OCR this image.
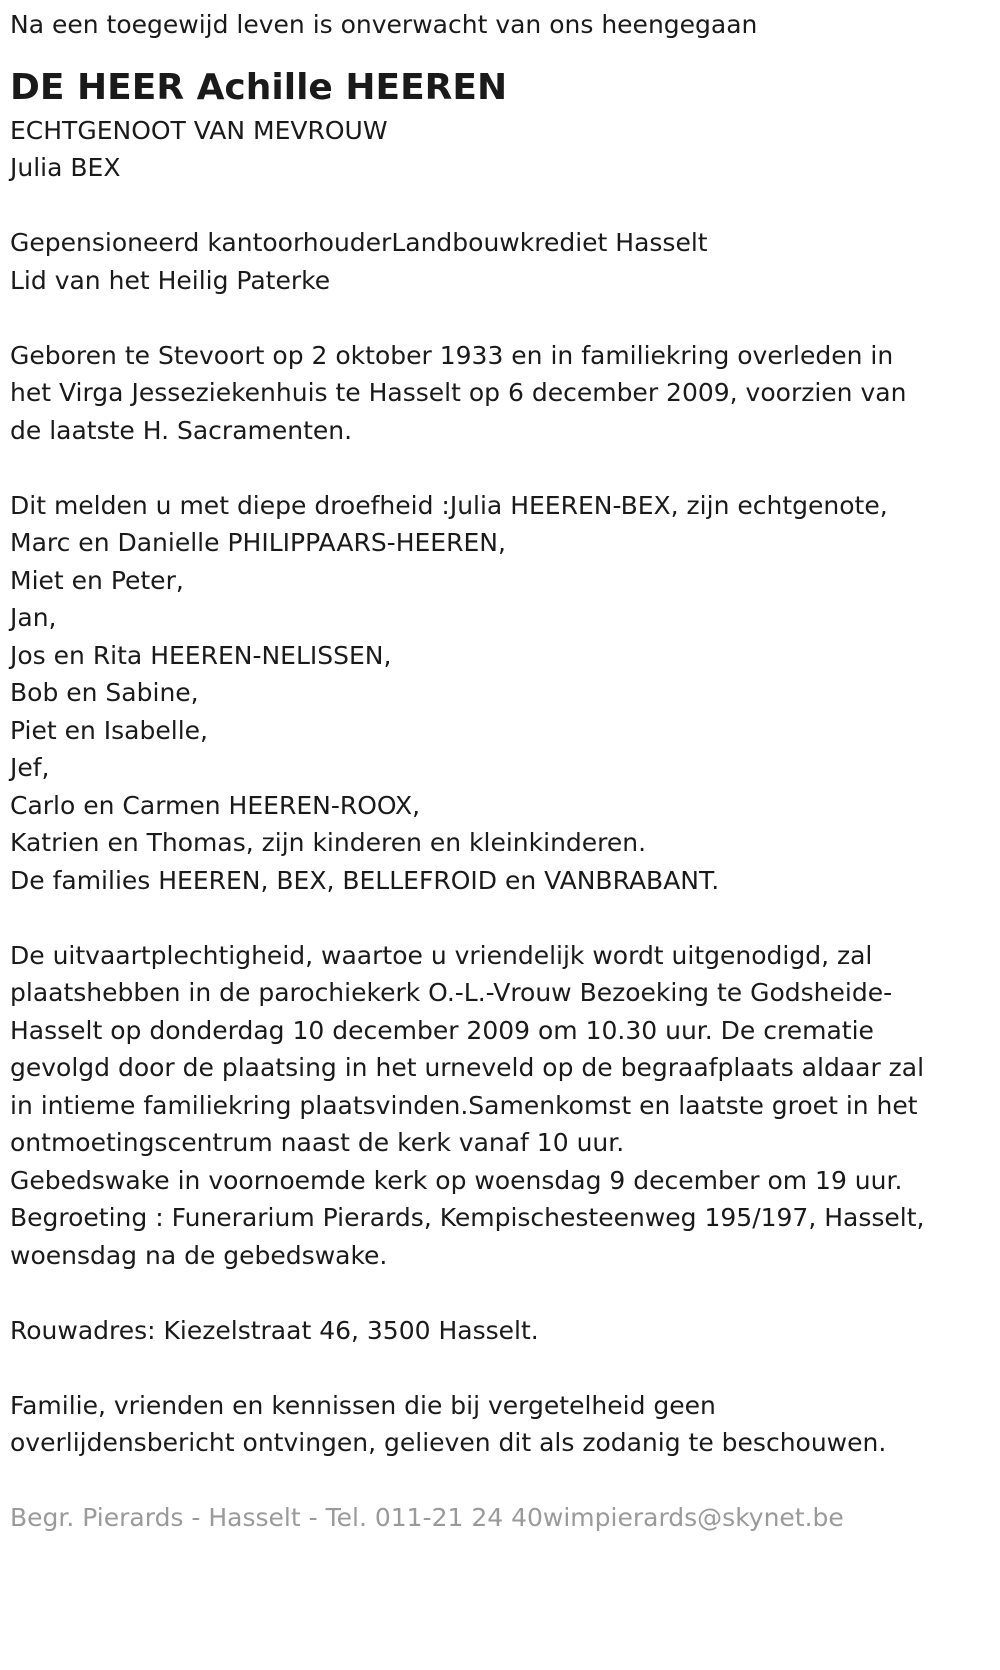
Na een toegewijd leven is onverwacht van ons heengegaan

DE HEER Achille HEEREN

ECHTGENOOT VAN MEVROUW

Julia BEX

Gepensioneerd kantoorhouderLandbouwkrediet Hasselt

Lid van het Heilig Paterke

Geboren te Stevoort op 2 oktober 1933 en in familiekring overleden in

het Virga Jesseziekenhuis te Hasselt op 6 december 2009, voorzien van

de laatste H. Sacramenten.

Dit melden u met diepe droefheid :Julia HEEREN-BEX, zijn echtgenote,

Marc en Danielle PHILIPPAARS-HEEREN,

Miet en Peter,

Jan,

Jos en Rita HEEREN-NELISSEN,

Bob en Sabine,

Piet en Isabelle,

Jef,

Carlo en Carmen HEEREN-ROOX,

Katrien en Thomas, zijn kinderen en kleinkinderen.

De families HEEREN, BEX, BELLEFROID en VANBRABANT.

De uitvaartplechtigheid, waartoe u vriendelijk wordt uitgenodigd, zal

plaatshebben in de parochiekerk O.-L.-Vrouw Bezoeking te Godsheide-

Hasselt op donderdag 10 december 2009 om 10.30 uur. De crematie

gevolgd door de plaatsing in het urneveld op de begraafplaats aldaar zal

in intieme familiekring plaatsvinden.Samenkomst en laatste groet in het

ontmoetingscentrum naast de kerk vanaf 10 uur.

Gebedswake in voornoemde kerk op woensdag 9 december om 19 uur.

Begroeting : Funerarium Pierards, Kempischesteenweg 195/197, Hasselt,

woensdag na de gebedswake.

Rouwadres: Kiezelstraat 46, 3500 Hasselt.

Familie, vrienden en kennissen die bij vergetelheid geen

overlijdensbericht ontvingen, gelieven dit als zodanig te beschouwen.

Begr. Pierards - Hasselt - Tel. 011-21 24 40wimpierards@skynet.be
